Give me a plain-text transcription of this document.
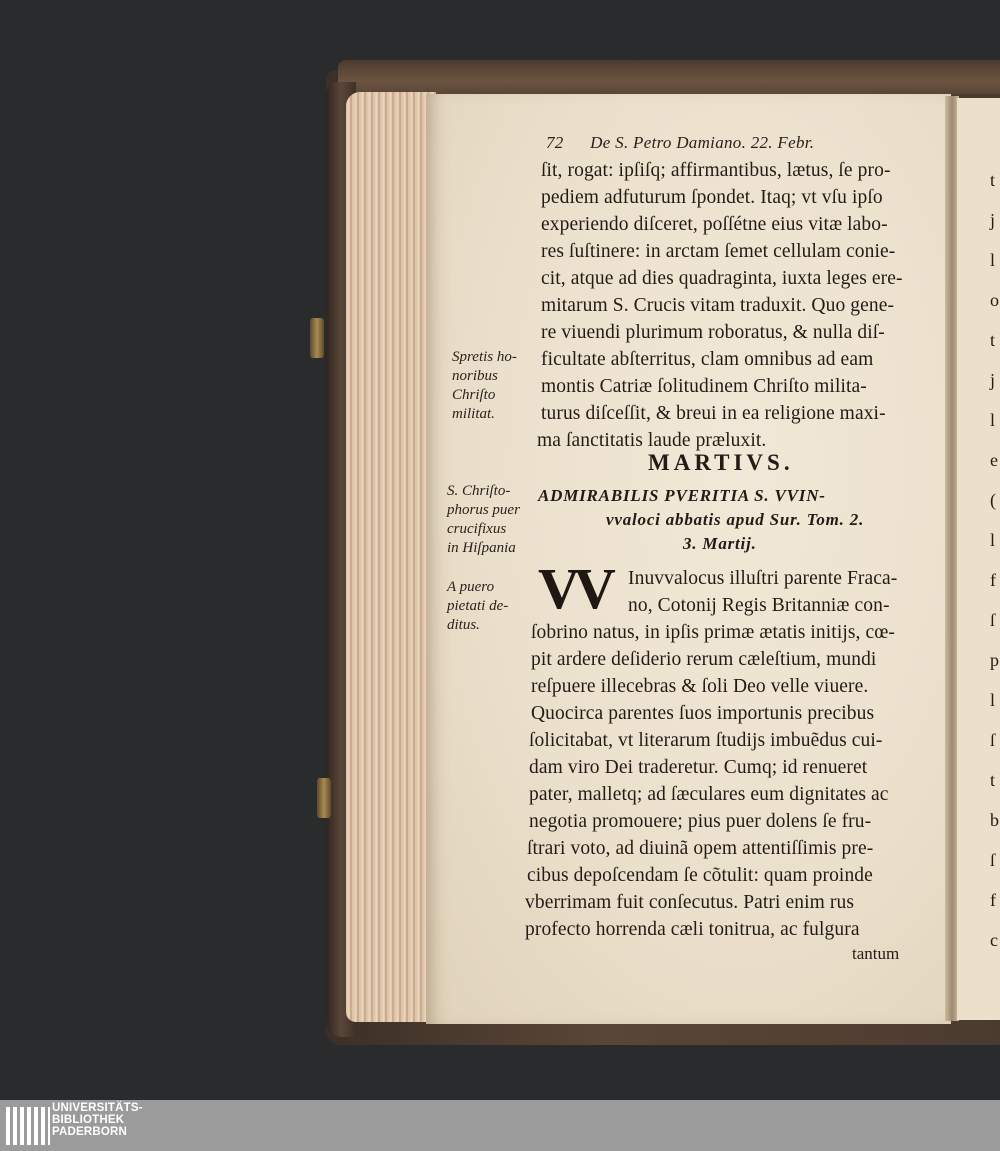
72 De S. Petro Damiano. 22. Febr.
ſit, rogat: ipſiſq; affirmantibus, lætus, ſe pro-
pediem adfuturum ſpondet. Itaq; vt vſu ipſo
experiendo diſceret, poſſétne eius vitæ labo-
res ſuſtinere: in arctam ſemet cellulam conie-
cit, atque ad dies quadraginta, iuxta leges ere-
mitarum S. Crucis vitam traduxit. Quo gene-
re viuendi plurimum roboratus, & nulla diſ-
ficultate abſterritus, clam omnibus ad eam
montis Catriæ ſolitudinem Chriſto milita-
turus diſceſſit, & breui in ea religione maxi-
ma ſanctitatis laude præluxit.
Spretis ho-
noribus
Chriſto
militat.
S. Chriſto-
phorus puer
crucifixus
in Hiſpania
A puero
pietati de-
ditus.
MARTIVS.
ADMIRABILIS PVERITIA S. VVIN-
vvaloci abbatis apud Sur. Tom. 2.
3. Martij.
VV Inuvvalocus illuſtri parente Fraca-
no, Cotonij Regis Britanniæ con-
ſobrino natus, in ipſis primæ ætatis initijs, cœ-
pit ardere deſiderio rerum cæleſtium, mundi
reſpuere illecebras & ſoli Deo velle viuere.
Quocirca parentes ſuos importunis precibus
ſolicitabat, vt literarum ſtudijs imbuẽdus cui-
dam viro Dei traderetur. Cumq; id renueret
pater, malletq; ad ſæculares eum dignitates ac
negotia promouere; pius puer dolens ſe fru-
ſtrari voto, ad diuinã opem attentiſſimis pre-
cibus depoſcendam ſe cõtulit: quam proinde
vberrimam fuit conſecutus. Patri enim rus
profecto horrenda cæli tonitrua, ac fulgura
tantum
t
j
l
o
t
j
l
e
(
l
f
ſ
p
l
ſ
t
b
ſ
f
c
UNIVERSITÄTS-
BIBLIOTHEK
PADERBORN
